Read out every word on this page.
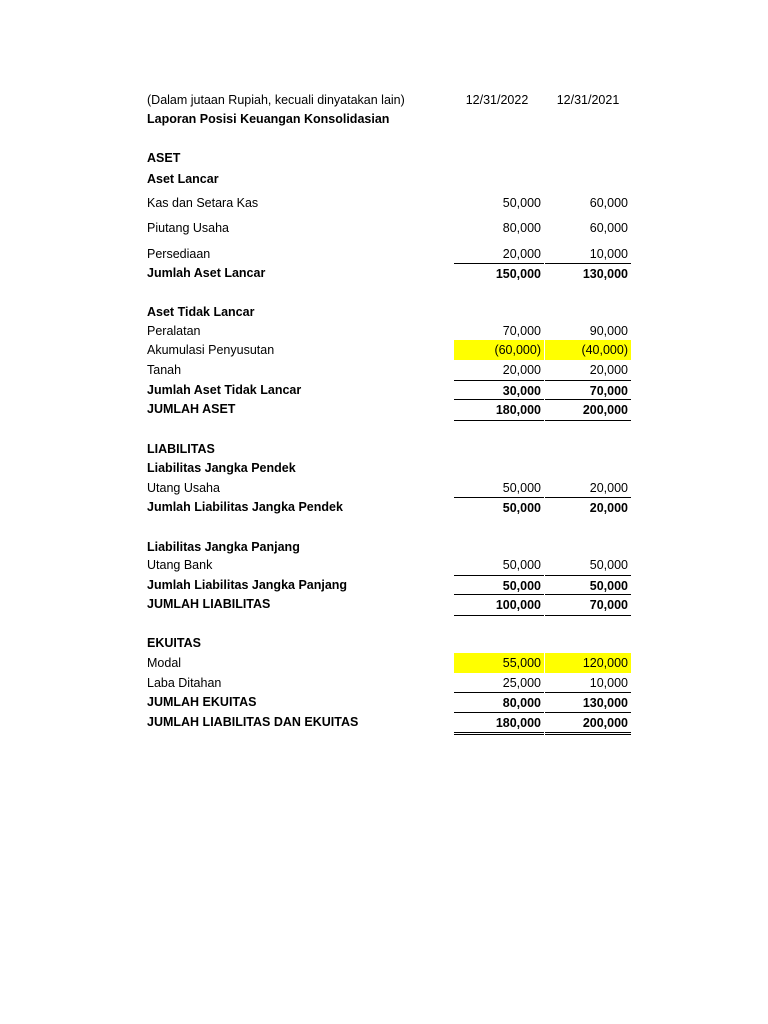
(Dalam jutaan Rupiah, kecuali dinyatakan lain)	12/31/2022	12/31/2021
Laporan Posisi Keuangan Konsolidasian
ASET
Aset Lancar
Kas dan Setara Kas	50,000	60,000
Piutang Usaha	80,000	60,000
Persediaan	20,000	10,000
Jumlah Aset Lancar	150,000	130,000
Aset Tidak Lancar
Peralatan	70,000	90,000
Akumulasi Penyusutan	(60,000)	(40,000)
Tanah	20,000	20,000
Jumlah Aset Tidak Lancar	30,000	70,000
JUMLAH ASET	180,000	200,000
LIABILITAS
Liabilitas Jangka Pendek
Utang Usaha	50,000	20,000
Jumlah Liabilitas Jangka Pendek	50,000	20,000
Liabilitas Jangka Panjang
Utang Bank	50,000	50,000
Jumlah Liabilitas Jangka Panjang	50,000	50,000
JUMLAH LIABILITAS	100,000	70,000
EKUITAS
Modal	55,000	120,000
Laba Ditahan	25,000	10,000
JUMLAH EKUITAS	80,000	130,000
JUMLAH LIABILITAS DAN EKUITAS	180,000	200,000
